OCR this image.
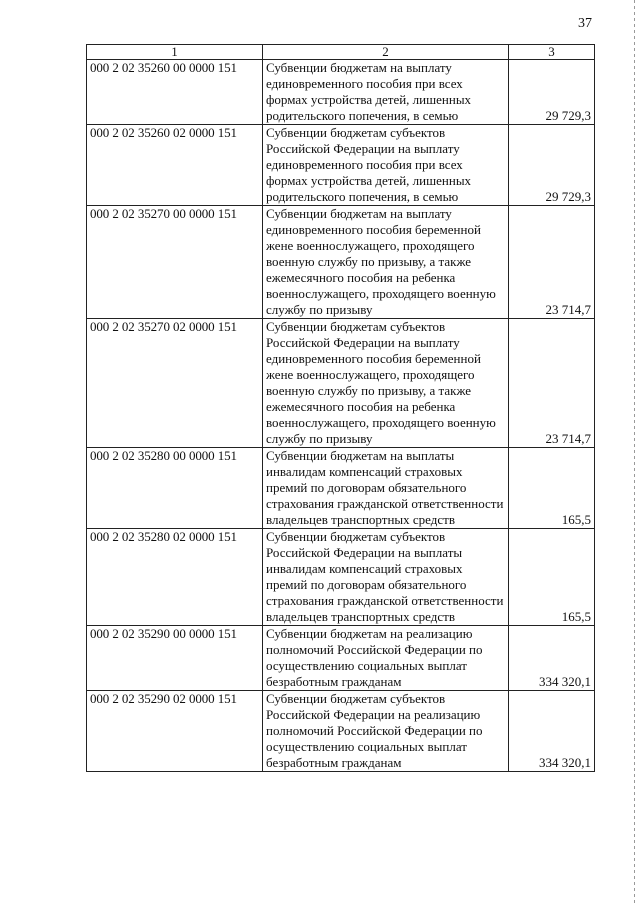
37
1	2	3
000 2 02 35260 00 0000 151	Субвенции бюджетам на выплату единовременного пособия при всех формах устройства детей, лишенных родительского попечения, в семью	29 729,3
000 2 02 35260 02 0000 151	Субвенции бюджетам субъектов Российской Федерации на выплату единовременного пособия при всех формах устройства детей, лишенных родительского попечения, в семью	29 729,3
000 2 02 35270 00 0000 151	Субвенции бюджетам на выплату единовременного пособия беременной жене военнослужащего, проходящего военную службу по призыву, а также ежемесячного пособия на ребенка военнослужащего, проходящего военную службу по призыву	23 714,7
000 2 02 35270 02 0000 151	Субвенции бюджетам субъектов Российской Федерации на выплату единовременного пособия беременной жене военнослужащего, проходящего военную службу по призыву, а также ежемесячного пособия на ребенка военнослужащего, проходящего военную службу по призыву	23 714,7
000 2 02 35280 00 0000 151	Субвенции бюджетам на выплаты инвалидам компенсаций страховых премий по договорам обязательного страхования гражданской ответственности владельцев транспортных средств	165,5
000 2 02 35280 02 0000 151	Субвенции бюджетам субъектов Российской Федерации на выплаты инвалидам компенсаций страховых премий по договорам обязательного страхования гражданской ответственности владельцев транспортных средств	165,5
000 2 02 35290 00 0000 151	Субвенции бюджетам на реализацию полномочий Российской Федерации по осуществлению социальных выплат безработным гражданам	334 320,1
000 2 02 35290 02 0000 151	Субвенции бюджетам субъектов Российской Федерации на реализацию полномочий Российской Федерации по осуществлению социальных выплат безработным гражданам	334 320,1
